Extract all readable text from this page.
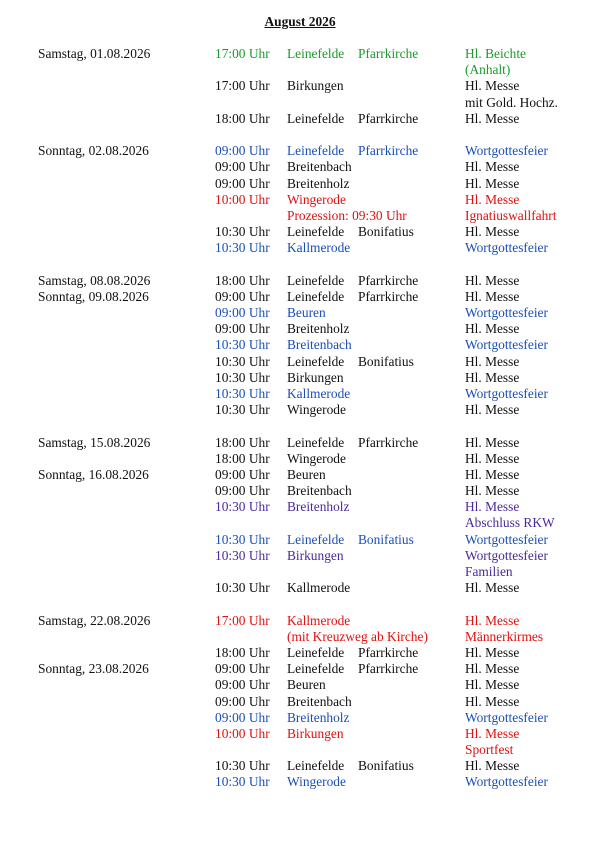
August 2026
Samstag, 01.08.2026	17:00 Uhr Leinefelde Pfarrkirche	Hl. Beichte
(Anhalt)
17:00 Uhr Birkungen	Hl. Messe
mit Gold. Hochz.
18:00 Uhr Leinefelde Pfarrkirche	Hl. Messe
Sonntag, 02.08.2026	09:00 Uhr Leinefelde Pfarrkirche	Wortgottesfeier
09:00 Uhr Breitenbach	Hl. Messe
09:00 Uhr Breitenholz	Hl. Messe
10:00 Uhr Wingerode	Hl. Messe
Prozession: 09:30 Uhr	Ignatiuswallfahrt
10:30 Uhr Leinefelde Bonifatius	Hl. Messe
10:30 Uhr Kallmerode	Wortgottesfeier
Samstag, 08.08.2026	18:00 Uhr Leinefelde Pfarrkirche	Hl. Messe
Sonntag, 09.08.2026	09:00 Uhr Leinefelde Pfarrkirche	Hl. Messe
09:00 Uhr Beuren	Wortgottesfeier
09:00 Uhr Breitenholz	Hl. Messe
10:30 Uhr Breitenbach	Wortgottesfeier
10:30 Uhr Leinefelde Bonifatius	Hl. Messe
10:30 Uhr Birkungen	Hl. Messe
10:30 Uhr Kallmerode	Wortgottesfeier
10:30 Uhr Wingerode	Hl. Messe
Samstag, 15.08.2026	18:00 Uhr Leinefelde Pfarrkirche	Hl. Messe
18:00 Uhr Wingerode	Hl. Messe
Sonntag, 16.08.2026	09:00 Uhr Beuren	Hl. Messe
09:00 Uhr Breitenbach	Hl. Messe
10:30 Uhr Breitenholz	Hl. Messe
Abschluss RKW
10:30 Uhr Leinefelde Bonifatius	Wortgottesfeier
10:30 Uhr Birkungen	Wortgottesfeier
Familien
10:30 Uhr Kallmerode	Hl. Messe
Samstag, 22.08.2026	17:00 Uhr Kallmerode	Hl. Messe
(mit Kreuzweg ab Kirche)	Männerkirmes
18:00 Uhr Leinefelde Pfarrkirche	Hl. Messe
Sonntag, 23.08.2026	09:00 Uhr Leinefelde Pfarrkirche	Hl. Messe
09:00 Uhr Beuren	Hl. Messe
09:00 Uhr Breitenbach	Hl. Messe
09:00 Uhr Breitenholz	Wortgottesfeier
10:00 Uhr Birkungen	Hl. Messe
Sportfest
10:30 Uhr Leinefelde Bonifatius	Hl. Messe
10:30 Uhr Wingerode	Wortgottesfeier
